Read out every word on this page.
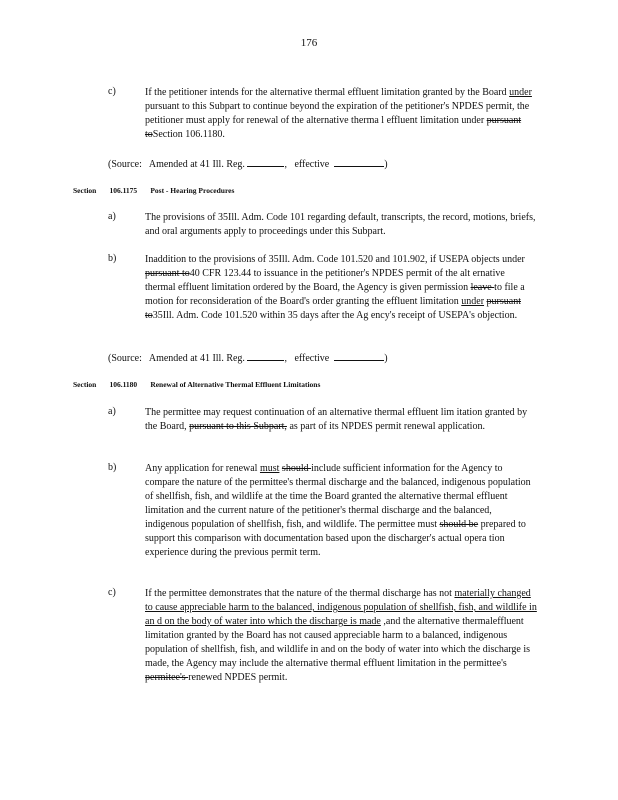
176
c)	If the petitioner intends for the alternative thermal effluent limitation granted by the Board under pursuant to this Subpart to continue beyond the expiration of the petitioner's NPDES permit, the petitioner must apply for renewal of the alternative therma l effluent limitation under pursuant toSection 106.1180.
(Source: Amended at 41 Ill. Reg.	,   effective	)
Section 106.1175 Post - Hearing Procedures
a)	The provisions of 35Ill. Adm. Code 101 regarding default, transcripts, the record, motions, briefs, and oral arguments apply to proceedings under this Subpart.
b)	Inaddition to the provisions of 35Ill. Adm. Code 101.520 and 101.902, if USEPA objects under pursuant to40 CFR 123.44 to issuance in the petitioner's NPDES permit of the alt ernative thermal effluent limitation ordered by the Board, the Agency is given permission leave to file a motion for reconsideration of the Board's order granting the effluent limitation under pursuant to35Ill. Adm. Code 101.520 within 35 days after the Ag ency's receipt of USEPA's objection.
(Source: Amended at 41 Ill. Reg.	,   effective	)
Section 106.1180 Renewal of Alternative Thermal Effluent Limitations
a)	The permittee may request continuation of an alternative thermal effluent lim itation granted by the Board, pursuant to this Subpart, as part of its NPDES permit renewal application.
b)	Any application for renewal must should include sufficient information for the Agency to compare the nature of the permittee's thermal discharge and the balanced, indigenous population of shellfish, fish, and wildlife at the time the Board granted the alternative thermal effluent limitation and the current nature of the petitioner's thermal discharge and the balanced, indigenous population of shellfish, fish, and wildlife. The permittee must should be prepared to support this comparison with documentation based upon the discharger's actual opera tion experience during the previous permit term.
c)	If the permittee demonstrates that the nature of the thermal discharge has not materially changed to cause appreciable harm to the balanced, indigenous population of shellfish, fish, and wildlife in an d on the body of water into which the discharge is made ,and the alternative thermaleffluent limitation granted by the Board has not caused appreciable harm to a balanced, indigenous population of shellfish, fish, and wildlife in and on the body of water into which the discharge is made, the Agency may include the alternative thermal effluent limitation in the permittee's permitee's renewed NPDES permit.
